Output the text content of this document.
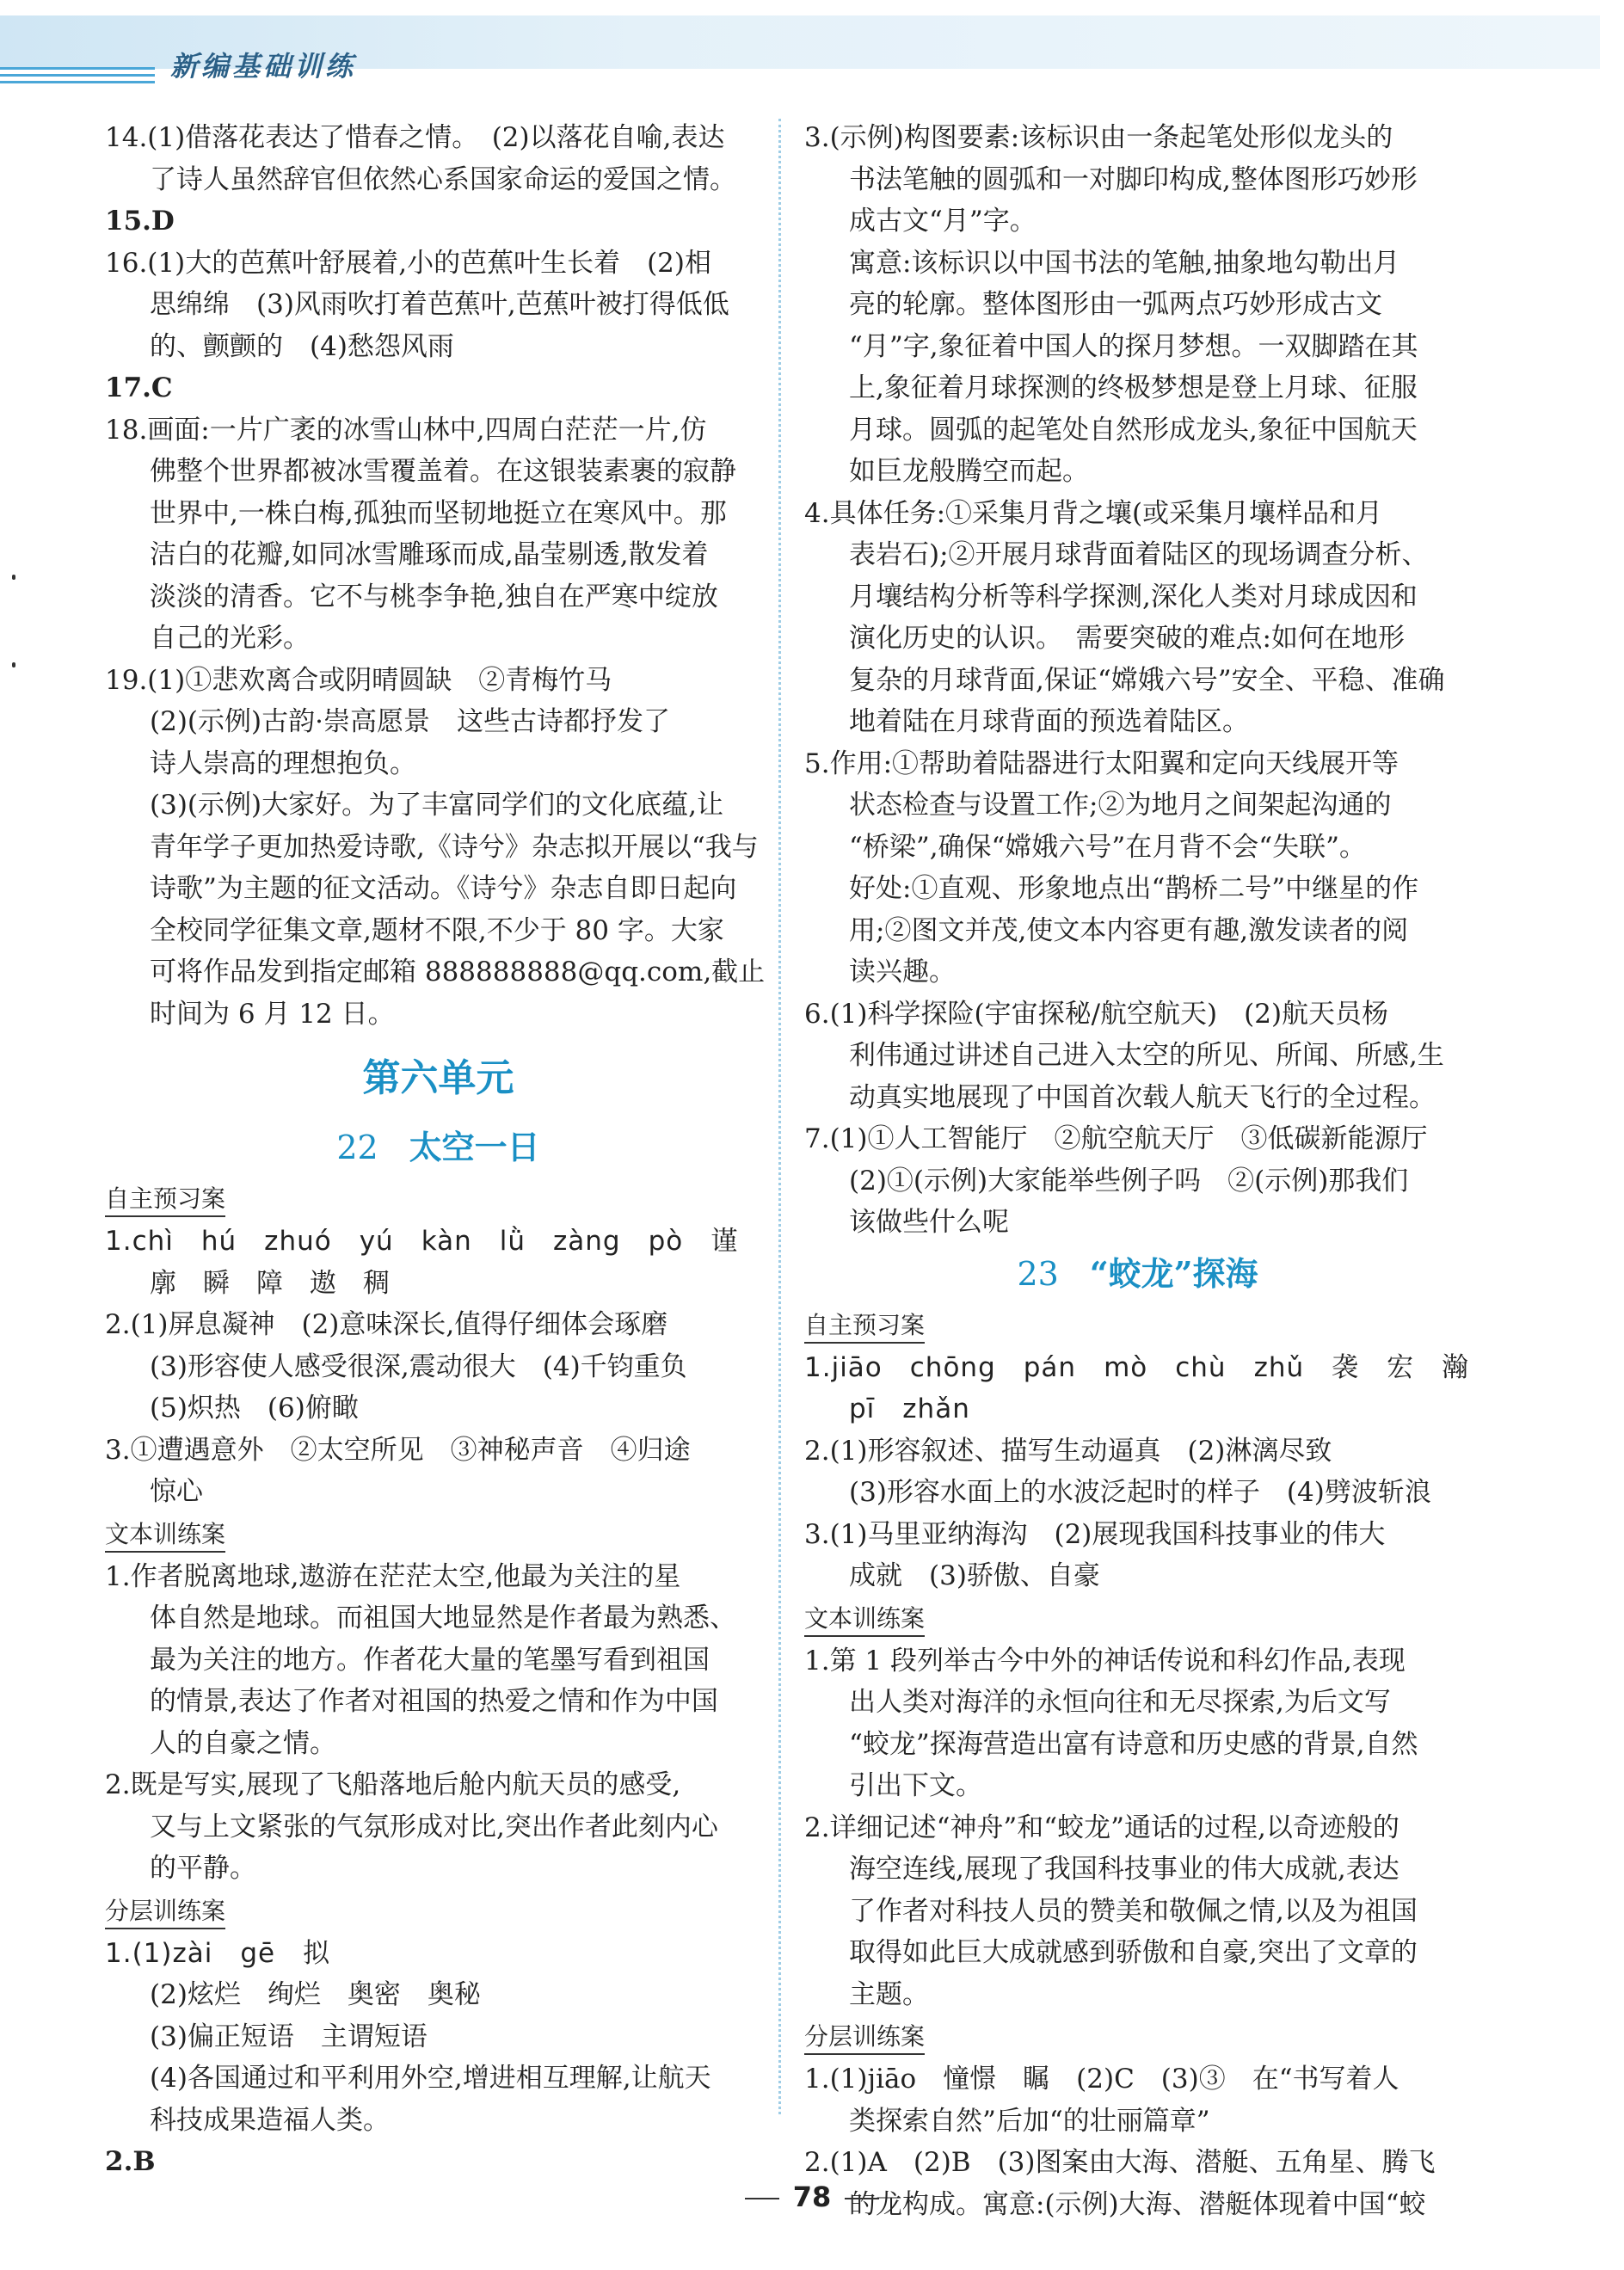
新编基础训练

14.(1)借落花表达了惜春之情。　(2)以落花自喻,表达

了诗人虽然辞官但依然心系国家命运的爱国之情。

15.D

16.(1)大的芭蕉叶舒展着,小的芭蕉叶生长着　(2)相

思绵绵　(3)风雨吹打着芭蕉叶,芭蕉叶被打得低低

的、颤颤的　(4)愁怨风雨

17.C

18.画面:一片广袤的冰雪山林中,四周白茫茫一片,仿

佛整个世界都被冰雪覆盖着。在这银装素裹的寂静

世界中,一株白梅,孤独而坚韧地挺立在寒风中。那

洁白的花瓣,如同冰雪雕琢而成,晶莹剔透,散发着

淡淡的清香。它不与桃李争艳,独自在严寒中绽放

自己的光彩。

19.(1)①悲欢离合或阴晴圆缺　②青梅竹马

(2)(示例)古韵·崇高愿景　这些古诗都抒发了

诗人崇高的理想抱负。

(3)(示例)大家好。为了丰富同学们的文化底蕴,让

青年学子更加热爱诗歌,《诗兮》杂志拟开展以“我与

诗歌”为主题的征文活动。《诗兮》杂志自即日起向

全校同学征集文章,题材不限,不少于 80 字。大家

可将作品发到指定邮箱 888888888@qq.com,截止

时间为 6 月 12 日。

第六单元
22 太空一日
自主预习案

1.chì　hú　zhuó　yú　kàn　lǜ　zàng　pò　谨

廓　瞬　障　遨　稠

2.(1)屏息凝神　(2)意味深长,值得仔细体会琢磨

(3)形容使人感受很深,震动很大　(4)千钧重负

(5)炽热　(6)俯瞰

3.①遭遇意外　②太空所见　③神秘声音　④归途

惊心

文本训练案

1.作者脱离地球,遨游在茫茫太空,他最为关注的星

体自然是地球。而祖国大地显然是作者最为熟悉、

最为关注的地方。作者花大量的笔墨写看到祖国

的情景,表达了作者对祖国的热爱之情和作为中国

人的自豪之情。

2.既是写实,展现了飞船落地后舱内航天员的感受,

又与上文紧张的气氛形成对比,突出作者此刻内心

的平静。

分层训练案

1.(1)zài　gē　拟

(2)炫烂　绚烂　奥密　奥秘

(3)偏正短语　主谓短语

(4)各国通过和平利用外空,增进相互理解,让航天

科技成果造福人类。

2.B

3.(示例)构图要素:该标识由一条起笔处形似龙头的

书法笔触的圆弧和一对脚印构成,整体图形巧妙形

成古文“月”字。

寓意:该标识以中国书法的笔触,抽象地勾勒出月

亮的轮廓。整体图形由一弧两点巧妙形成古文

“月”字,象征着中国人的探月梦想。一双脚踏在其

上,象征着月球探测的终极梦想是登上月球、征服

月球。圆弧的起笔处自然形成龙头,象征中国航天

如巨龙般腾空而起。

4.具体任务:①采集月背之壤(或采集月壤样品和月

表岩石);②开展月球背面着陆区的现场调查分析、

月壤结构分析等科学探测,深化人类对月球成因和

演化历史的认识。　需要突破的难点:如何在地形

复杂的月球背面,保证“嫦娥六号”安全、平稳、准确

地着陆在月球背面的预选着陆区。

5.作用:①帮助着陆器进行太阳翼和定向天线展开等

状态检查与设置工作;②为地月之间架起沟通的

“桥梁”,确保“嫦娥六号”在月背不会“失联”。

好处:①直观、形象地点出“鹊桥二号”中继星的作

用;②图文并茂,使文本内容更有趣,激发读者的阅

读兴趣。

6.(1)科学探险(宇宙探秘/航空航天)　(2)航天员杨

利伟通过讲述自己进入太空的所见、所闻、所感,生

动真实地展现了中国首次载人航天飞行的全过程。

7.(1)①人工智能厅　②航空航天厅　③低碳新能源厅

(2)①(示例)大家能举些例子吗　②(示例)那我们

该做些什么呢

23 “蛟龙”探海
自主预习案

1.jiāo　chōng　pán　mò　chù　zhǔ　袭　宏　瀚

pī　zhǎn

2.(1)形容叙述、描写生动逼真　(2)淋漓尽致

(3)形容水面上的水波泛起时的样子　(4)劈波斩浪

3.(1)马里亚纳海沟　(2)展现我国科技事业的伟大

成就　(3)骄傲、自豪

文本训练案

1.第 1 段列举古今中外的神话传说和科幻作品,表现

出人类对海洋的永恒向往和无尽探索,为后文写

“蛟龙”探海营造出富有诗意和历史感的背景,自然

引出下文。

2.详细记述“神舟”和“蛟龙”通话的过程,以奇迹般的

海空连线,展现了我国科技事业的伟大成就,表达

了作者对科技人员的赞美和敬佩之情,以及为祖国

取得如此巨大成就感到骄傲和自豪,突出了文章的

主题。

分层训练案

1.(1)jiāo　憧憬　瞩　(2)C　(3)③　在“书写着人

类探索自然”后加“的壮丽篇章”

2.(1)A　(2)B　(3)图案由大海、潜艇、五角星、腾飞

的龙构成。寓意:(示例)大海、潜艇体现着中国“蛟

78
